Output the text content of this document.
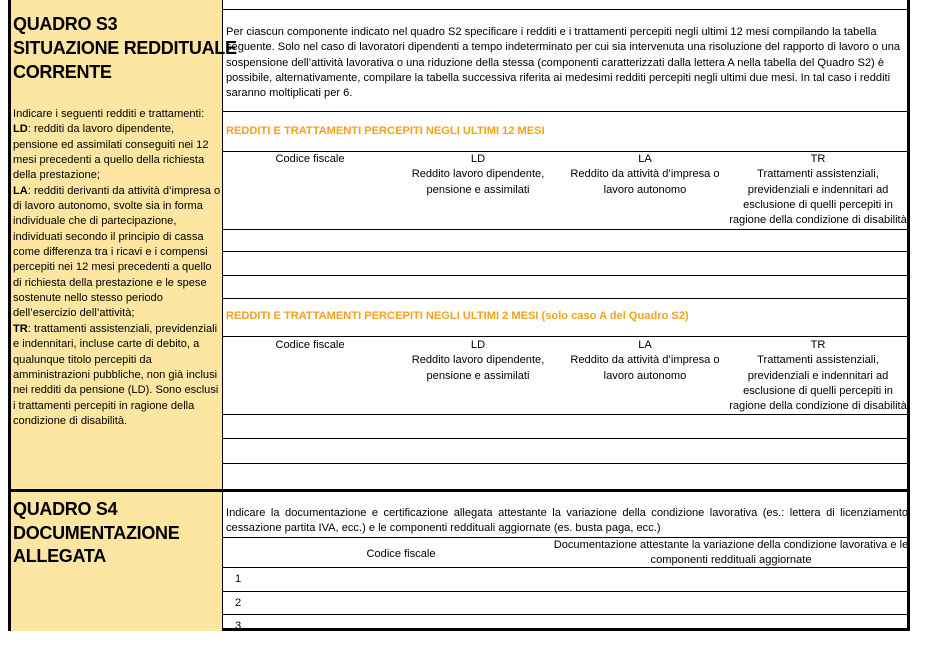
QUADRO S3
SITUAZIONE REDDITUALE
CORRENTE
Indicare i seguenti redditi e trattamenti:
LD: redditi da lavoro dipendente, pensione ed assimilati conseguiti nei 12 mesi precedenti a quello della richiesta della prestazione;
LA: redditi derivanti da attività d’impresa o di lavoro autonomo, svolte sia in forma individuale che di partecipazione, individuati secondo il principio di cassa come differenza tra i ricavi e i compensi percepiti nei 12 mesi precedenti a quello di richiesta della prestazione e le spese sostenute nello stesso periodo dell’esercizio dell’attività;
TR: trattamenti assistenziali, previdenziali e indennitari, incluse carte di debito, a qualunque titolo percepiti da amministrazioni pubbliche, non già inclusi nei redditi da pensione (LD). Sono esclusi i trattamenti percepiti in ragione della condizione di disabilità.
Per ciascun componente indicato nel quadro S2 specificare i redditi e i trattamenti percepiti negli ultimi 12 mesi compilando la tabella seguente. Solo nel caso di lavoratori dipendenti a tempo indeterminato per cui sia intervenuta una risoluzione del rapporto di lavoro o una sospensione dell’attività lavorativa o una riduzione della stessa (componenti caratterizzati dalla lettera A nella tabella del Quadro S2) è possibile, alternativamente, compilare la tabella successiva riferita ai medesimi redditi percepiti negli ultimi due mesi. In tal caso i redditi saranno moltiplicati per 6.
REDDITI E TRATTAMENTI PERCEPITI NEGLI ULTIMI 12 MESI
Codice fiscale	LD
Reddito lavoro dipendente,
pensione e assimilati
LA
Reddito da attività d’impresa o
lavoro autonomo
TR
Trattamenti assistenziali,
previdenziali e indennitari ad
esclusione di quelli percepiti in
ragione della condizione di disabilità
REDDITI E TRATTAMENTI PERCEPITI NEGLI ULTIMI 2 MESI (solo caso A del Quadro S2)
Codice fiscale	LD
Reddito lavoro dipendente,
pensione e assimilati
LA
Reddito da attività d’impresa o
lavoro autonomo
TR
Trattamenti assistenziali,
previdenziali e indennitari ad
esclusione di quelli percepiti in
ragione della condizione di disabilità
QUADRO S4
DOCUMENTAZIONE
ALLEGATA
Indicare la documentazione e certificazione allegata attestante la variazione della condizione lavorativa (es.: lettera di licenziamento cessazione partita IVA, ecc.) e le componenti reddituali aggiornate (es. busta paga, ecc.)
Codice fiscale
Documentazione attestante la variazione della condizione lavorativa e le componenti reddituali aggiornate
1
2
3
